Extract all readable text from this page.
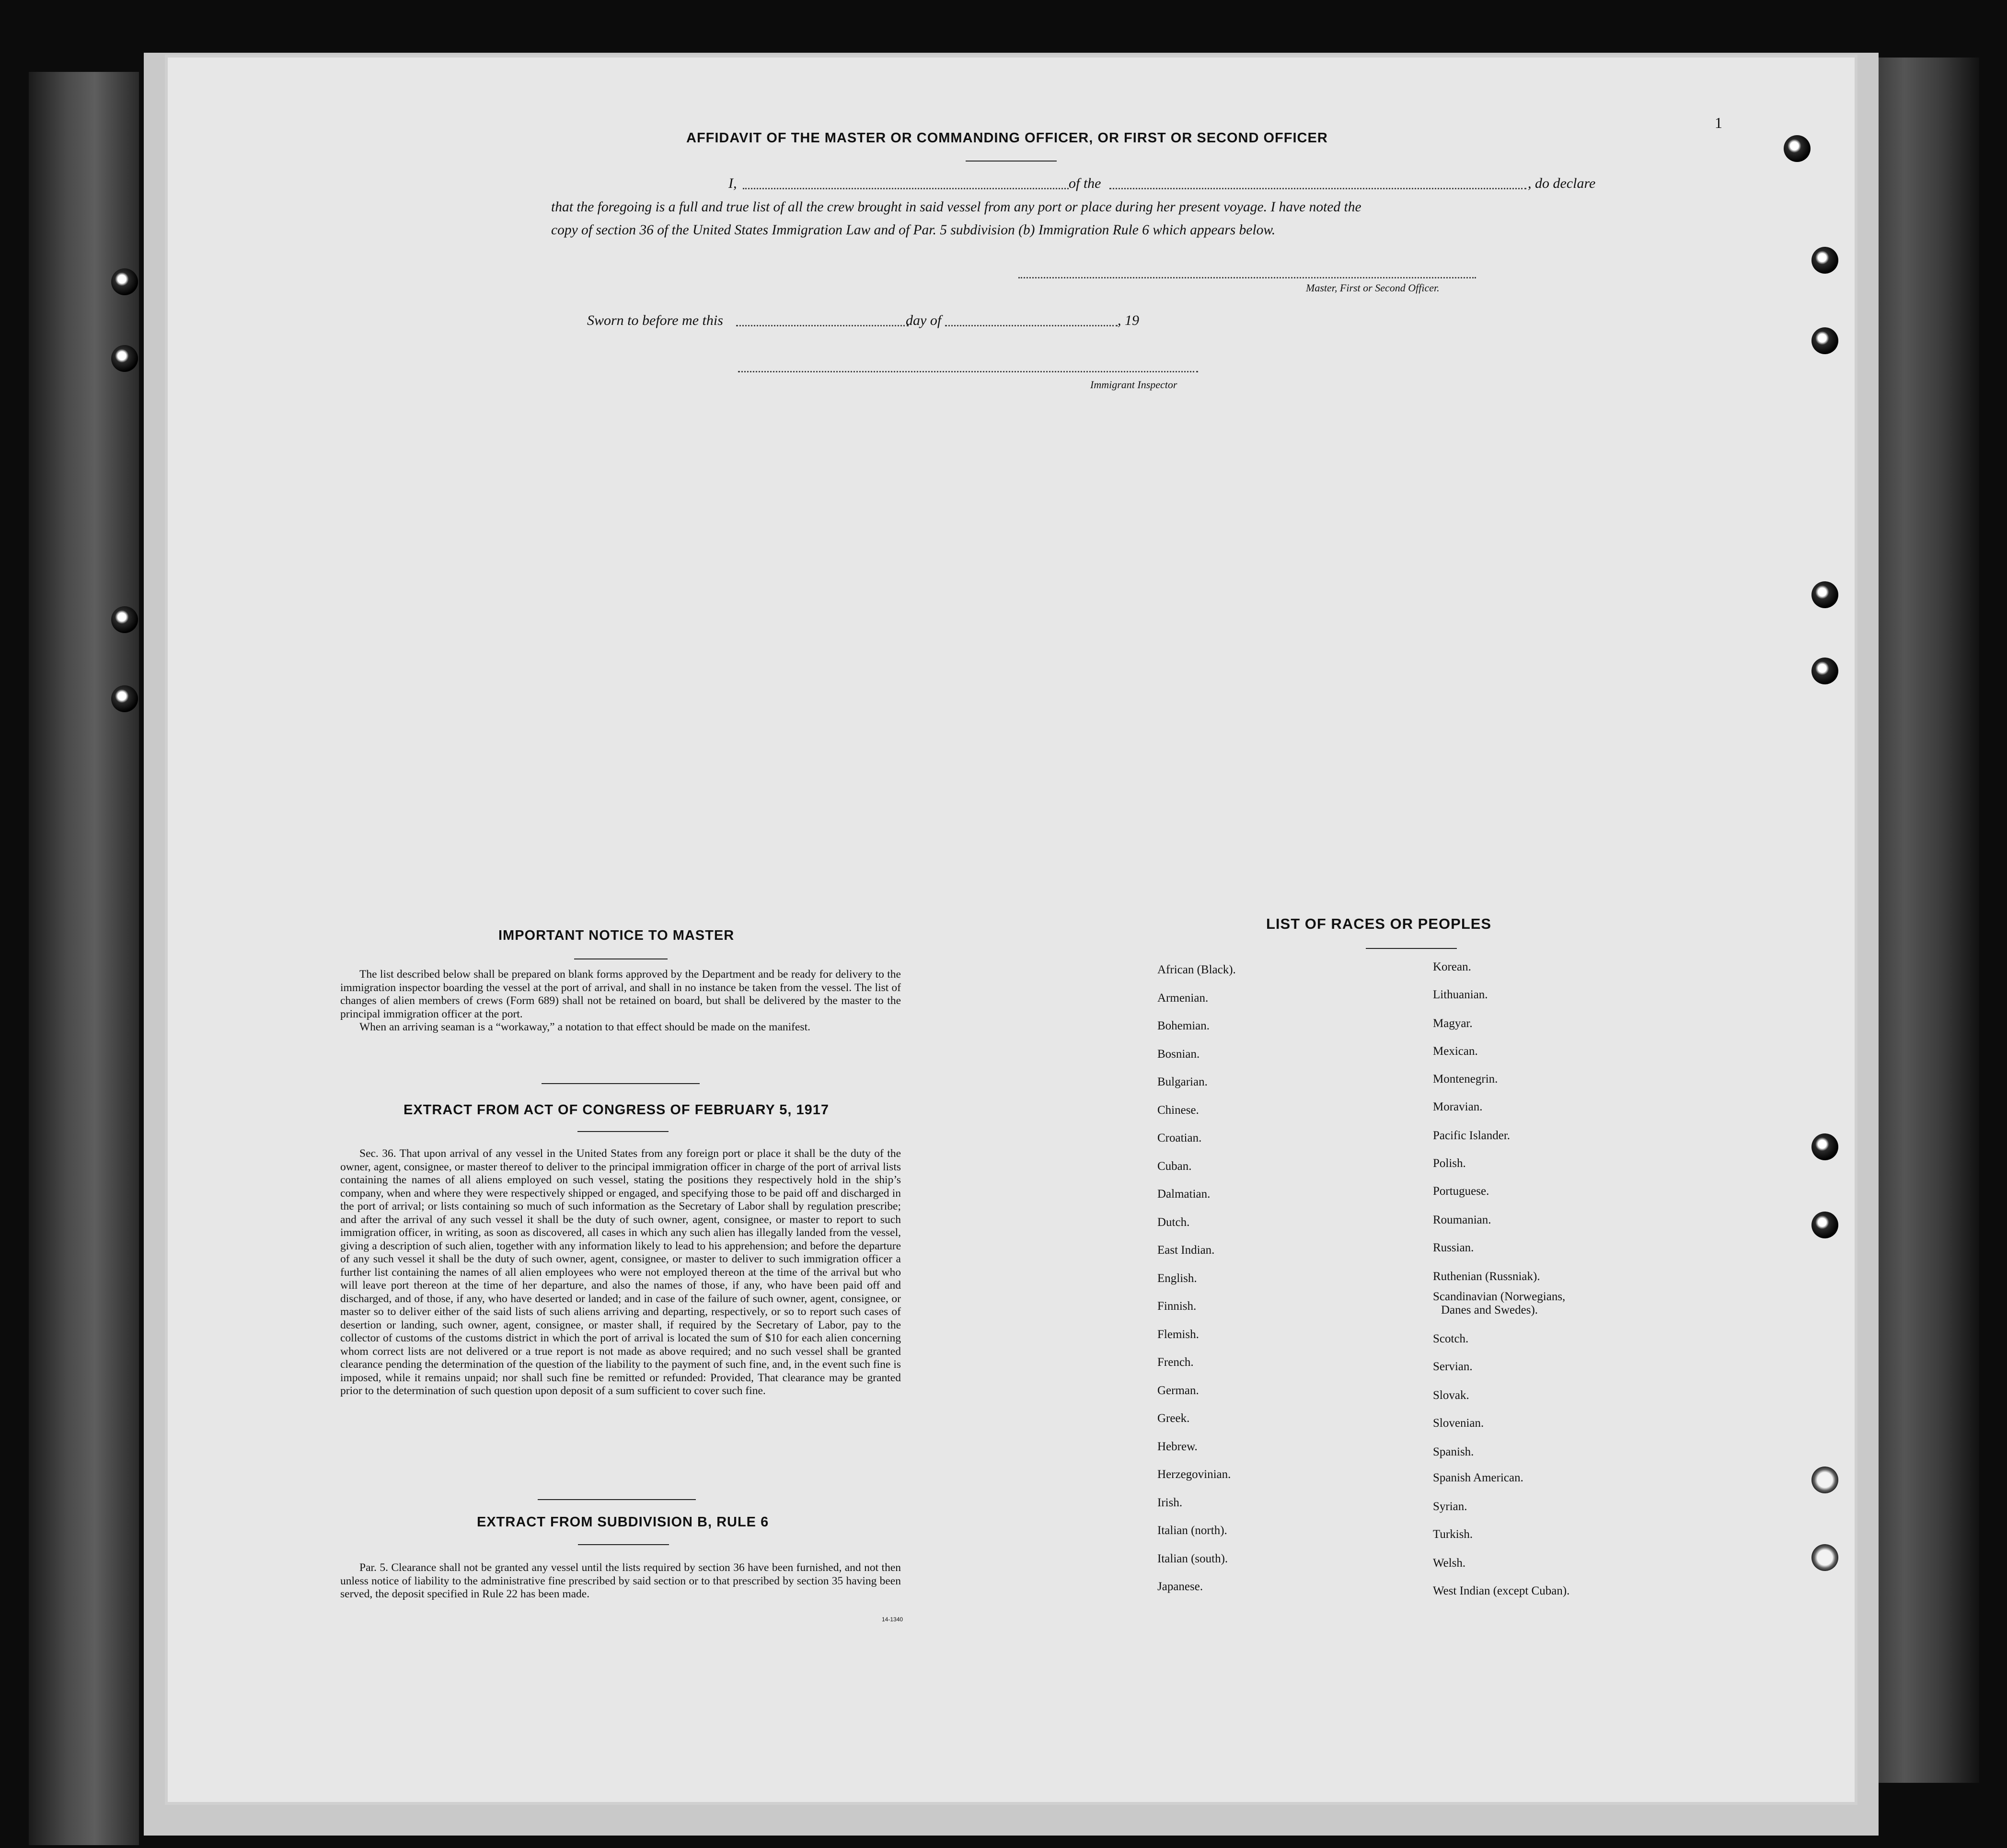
1
AFFIDAVIT OF THE MASTER OR COMMANDING OFFICER, OR FIRST OR SECOND OFFICER
I,	of the	, do declare
that the foregoing is a full and true list of all the crew brought in said vessel from any port or place during her present voyage. I have noted the
copy of section 36 of the United States Immigration Law and of Par. 5 subdivision (b) Immigration Rule 6 which appears below.
Master, First or Second Officer.
Sworn to before me this	day of	, 19
Immigrant Inspector
IMPORTANT NOTICE TO MASTER

The list described below shall be prepared on blank forms approved by the Department and be ready for delivery to the immigration inspector boarding the vessel at the port of arrival, and shall in no instance be taken from the vessel. The list of changes of alien members of crews (Form 689) shall not be retained on board, but shall be delivered by the master to the principal immigration officer at the port.

When an arriving seaman is a “workaway,” a notation to that effect should be made on the manifest.

EXTRACT FROM ACT OF CONGRESS OF FEBRUARY 5, 1917

Sec. 36. That upon arrival of any vessel in the United States from any foreign port or place it shall be the duty of the owner, agent, consignee, or master thereof to deliver to the principal immigration officer in charge of the port of arrival lists containing the names of all aliens employed on such vessel, stating the positions they respectively hold in the ship’s company, when and where they were respectively shipped or engaged, and specifying those to be paid off and discharged in the port of arrival; or lists containing so much of such information as the Secretary of Labor shall by regulation prescribe; and after the arrival of any such vessel it shall be the duty of such owner, agent, consignee, or master to report to such immigration officer, in writing, as soon as discovered, all cases in which any such alien has illegally landed from the vessel, giving a description of such alien, together with any information likely to lead to his apprehension; and before the departure of any such vessel it shall be the duty of such owner, agent, consignee, or master to deliver to such immigration officer a further list containing the names of all alien employees who were not employed thereon at the time of the arrival but who will leave port thereon at the time of her departure, and also the names of those, if any, who have been paid off and discharged, and of those, if any, who have deserted or landed; and in case of the failure of such owner, agent, consignee, or master so to deliver either of the said lists of such aliens arriving and departing, respectively, or so to report such cases of desertion or landing, such owner, agent, consignee, or master shall, if required by the Secretary of Labor, pay to the collector of customs of the customs district in which the port of arrival is located the sum of $10 for each alien concerning whom correct lists are not delivered or a true report is not made as above required; and no such vessel shall be granted clearance pending the determination of the question of the liability to the payment of such fine, and, in the event such fine is imposed, while it remains unpaid; nor shall such fine be remitted or refunded: Provided, That clearance may be granted prior to the determination of such question upon deposit of a sum sufficient to cover such fine.

EXTRACT FROM SUBDIVISION B, RULE 6

Par. 5. Clearance shall not be granted any vessel until the lists required by section 36 have been furnished, and not then unless notice of liability to the administrative fine prescribed by said section or to that prescribed by section 35 having been served, the deposit specified in Rule 22 has been made.

14-1340
LIST OF RACES OR PEOPLES
African (Black).
Armenian.
Bohemian.
Bosnian.
Bulgarian.
Chinese.
Croatian.
Cuban.
Dalmatian.
Dutch.
East Indian.
English.
Finnish.
Flemish.
French.
German.
Greek.
Hebrew.
Herzegovinian.
Irish.
Italian (north).
Italian (south).
Japanese.
Korean.
Lithuanian.
Magyar.
Mexican.
Montenegrin.
Moravian.
Pacific Islander.
Polish.
Portuguese.
Roumanian.
Russian.
Ruthenian (Russniak).
Scandinavian (Norwegians,
Danes and Swedes).
Scotch.
Servian.
Slovak.
Slovenian.
Spanish.
Spanish American.
Syrian.
Turkish.
Welsh.
West Indian (except Cuban).
